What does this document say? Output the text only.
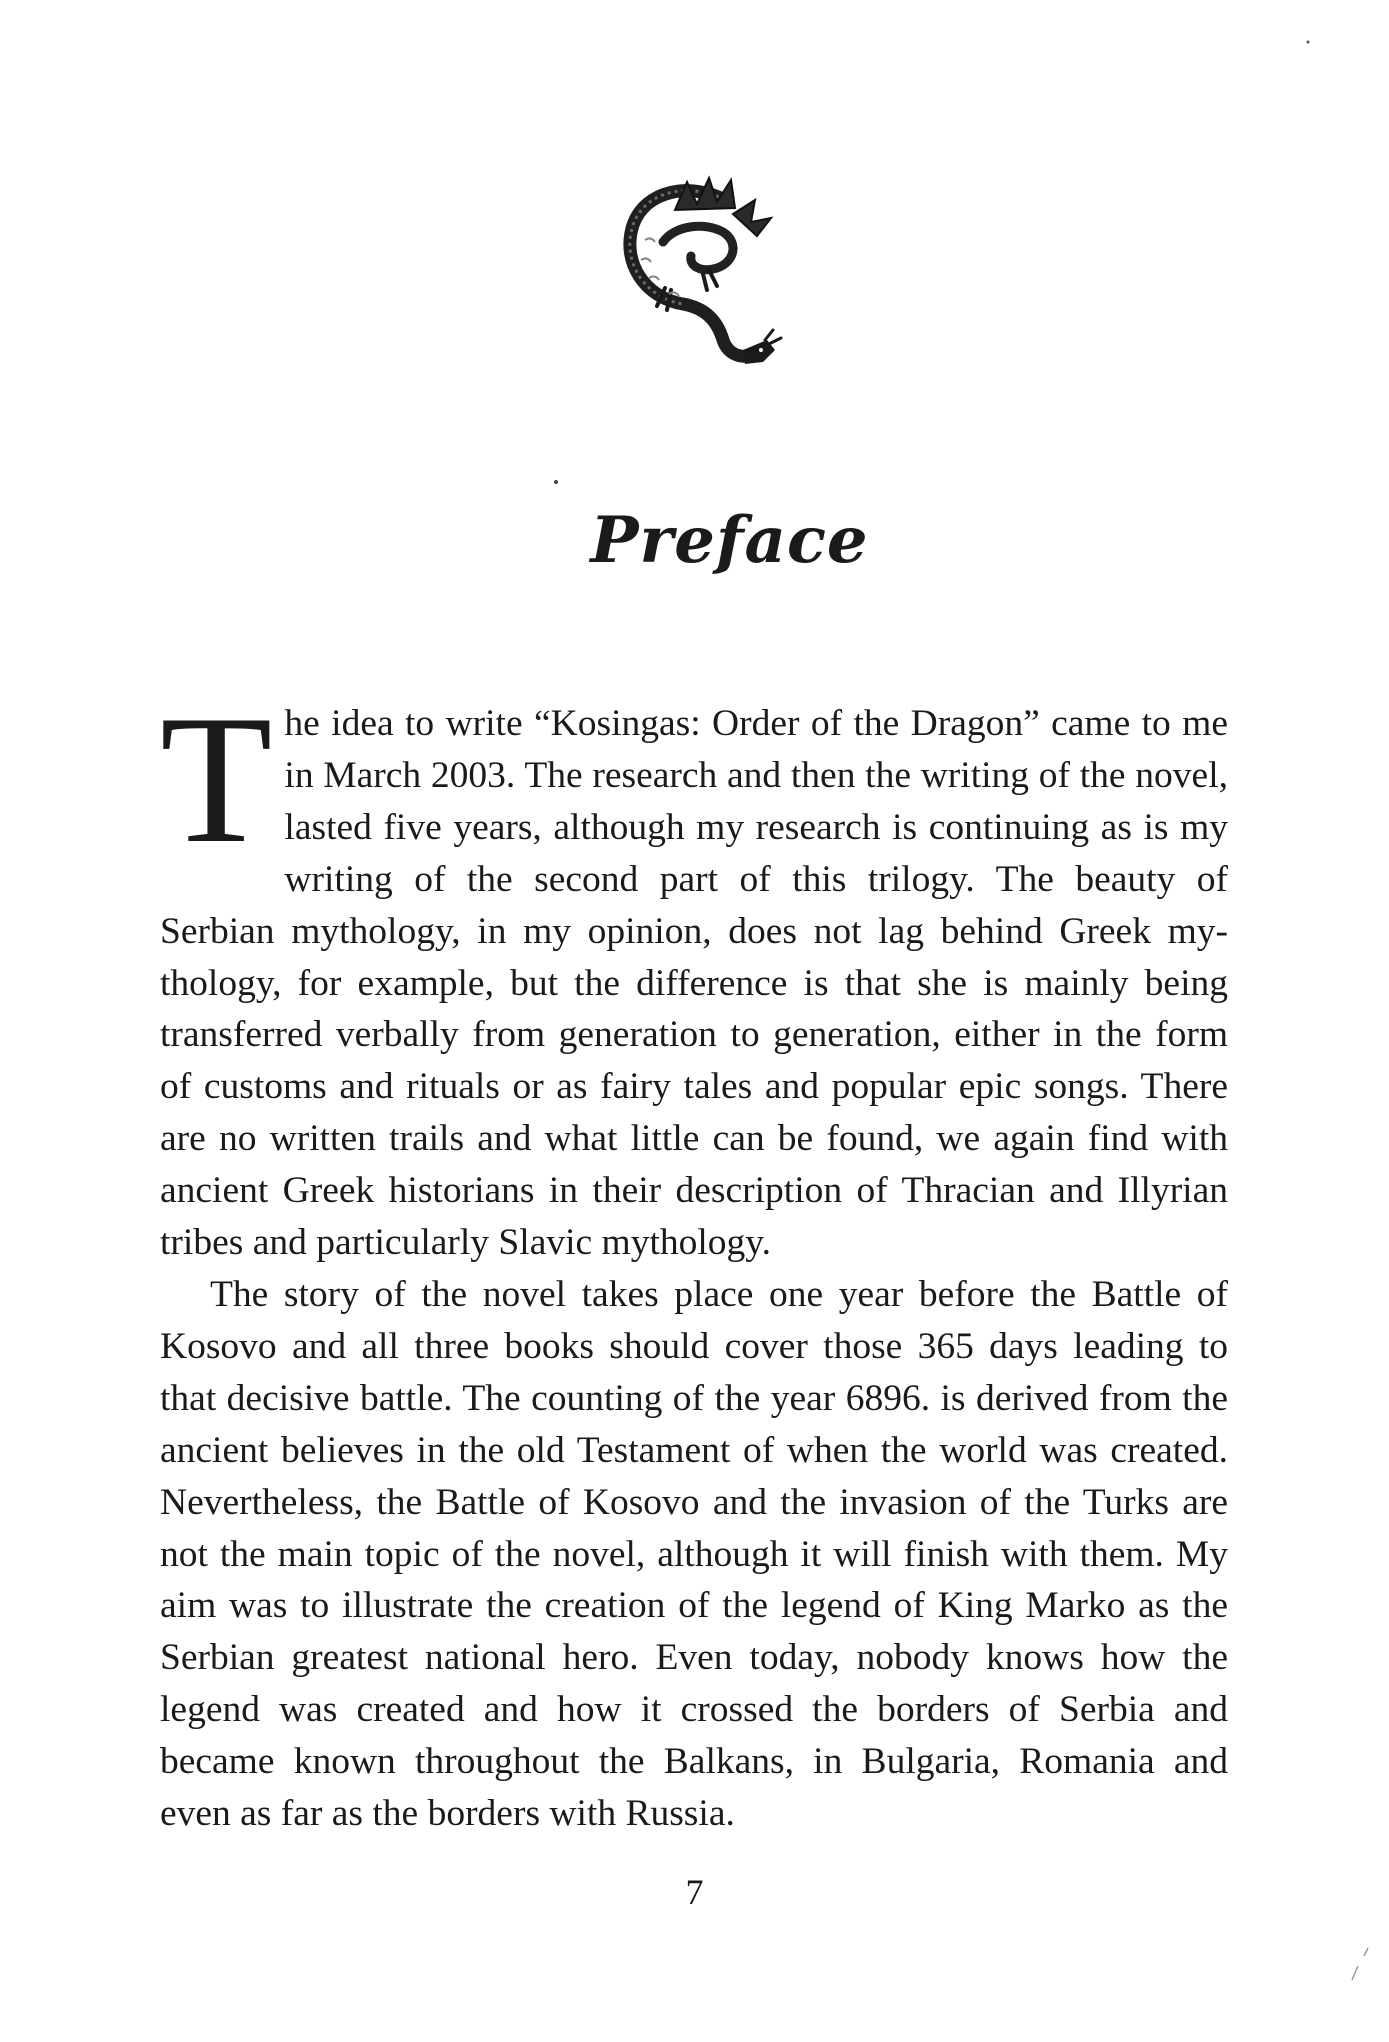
Preface

The idea to write “Kosingas: Order of the Dragon” came to me in March 2003. The research and then the writing of the novel, lasted five years, although my research is continuing as is my writing of the second part of this trilogy. The beauty of Serbian mythology, in my opinion, does not lag behind Greek mythology, for example, but the difference is that she is mainly being transferred verbally from generation to generation, either in the form of customs and rituals or as fairy tales and popular epic songs. There are no written trails and what little can be found, we again find with ancient Greek historians in their description of Thracian and Illyrian tribes and particularly Slavic mythology.

The story of the novel takes place one year before the Battle of Kosovo and all three books should cover those 365 days leading to that decisive battle. The counting of the year 6896. is derived from the ancient believes in the old Testament of when the world was created. Nevertheless, the Battle of Kosovo and the invasion of the Turks are not the main topic of the novel, although it will finish with them. My aim was to illustrate the creation of the legend of King Marko as the Serbian greatest national hero. Even today, nobody knows how the legend was created and how it crossed the borders of Serbia and became known throughout the Balkans, in Bulgaria, Romania and even as far as the borders with Russia.

7
